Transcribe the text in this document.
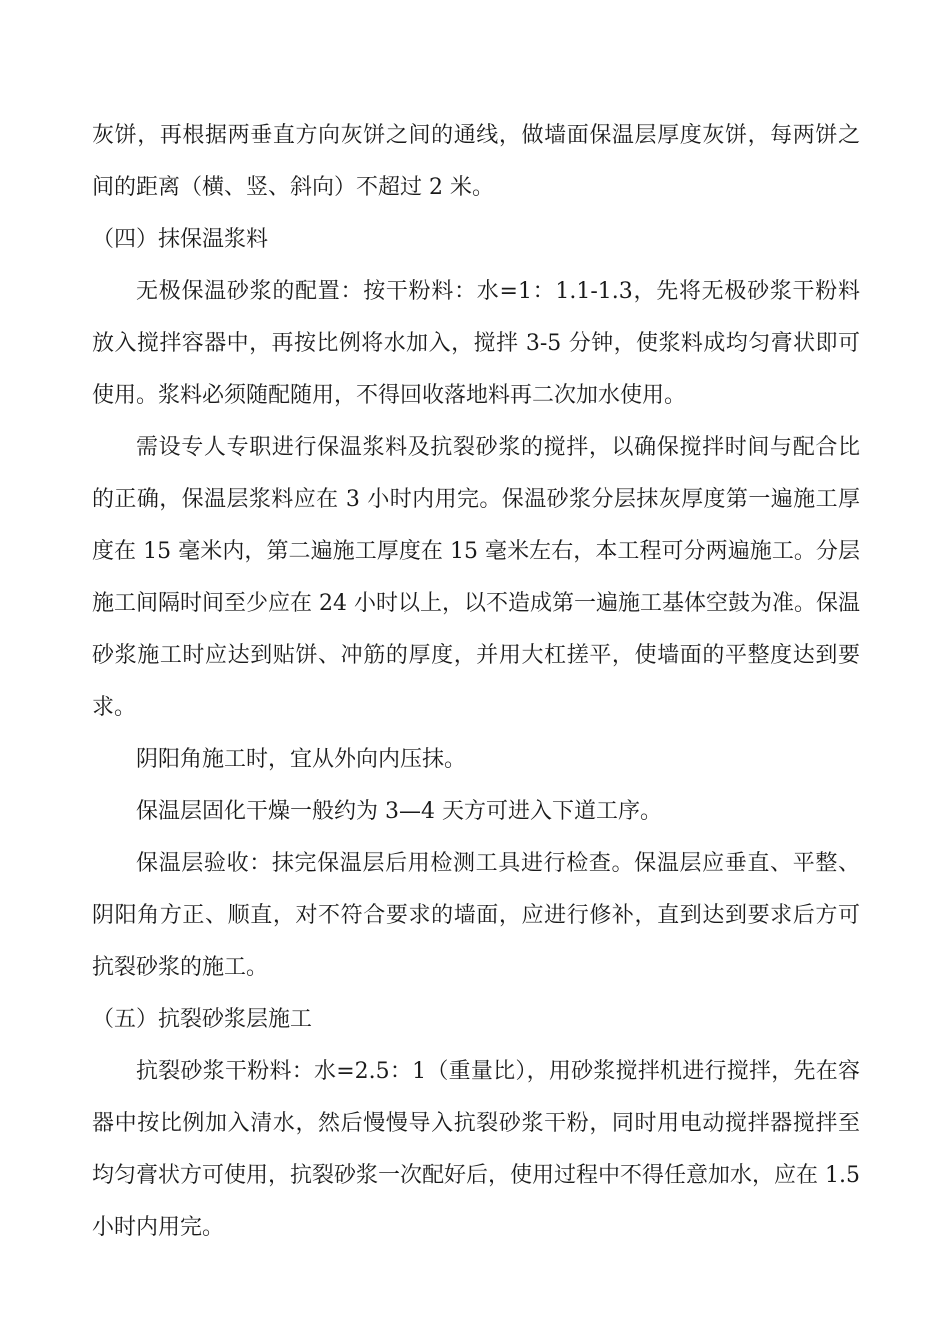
灰饼，再根据两垂直方向灰饼之间的通线，做墙面保温层厚度灰饼，每两饼之间的距离（横、竖、斜向）不超过 2 米。

（四）抹保温浆料

无极保温砂浆的配置：按干粉料：水=1：1.1-1.3，先将无极砂浆干粉料放入搅拌容器中，再按比例将水加入，搅拌 3-5 分钟，使浆料成均匀膏状即可使用。浆料必须随配随用，不得回收落地料再二次加水使用。

需设专人专职进行保温浆料及抗裂砂浆的搅拌，以确保搅拌时间与配合比的正确，保温层浆料应在 3 小时内用完。保温砂浆分层抹灰厚度第一遍施工厚度在 15 毫米内，第二遍施工厚度在 15 毫米左右，本工程可分两遍施工。分层施工间隔时间至少应在 24 小时以上，以不造成第一遍施工基体空鼓为准。保温砂浆施工时应达到贴饼、冲筋的厚度，并用大杠搓平，使墙面的平整度达到要求。

阴阳角施工时，宜从外向内压抹。

保温层固化干燥一般约为 3—4 天方可进入下道工序。

保温层验收：抹完保温层后用检测工具进行检查。保温层应垂直、平整、阴阳角方正、顺直，对不符合要求的墙面，应进行修补，直到达到要求后方可抗裂砂浆的施工。

（五）抗裂砂浆层施工

抗裂砂浆干粉料：水=2.5：1（重量比），用砂浆搅拌机进行搅拌，先在容器中按比例加入清水，然后慢慢导入抗裂砂浆干粉，同时用电动搅拌器搅拌至均匀膏状方可使用，抗裂砂浆一次配好后，使用过程中不得任意加水，应在 1.5 小时内用完。
